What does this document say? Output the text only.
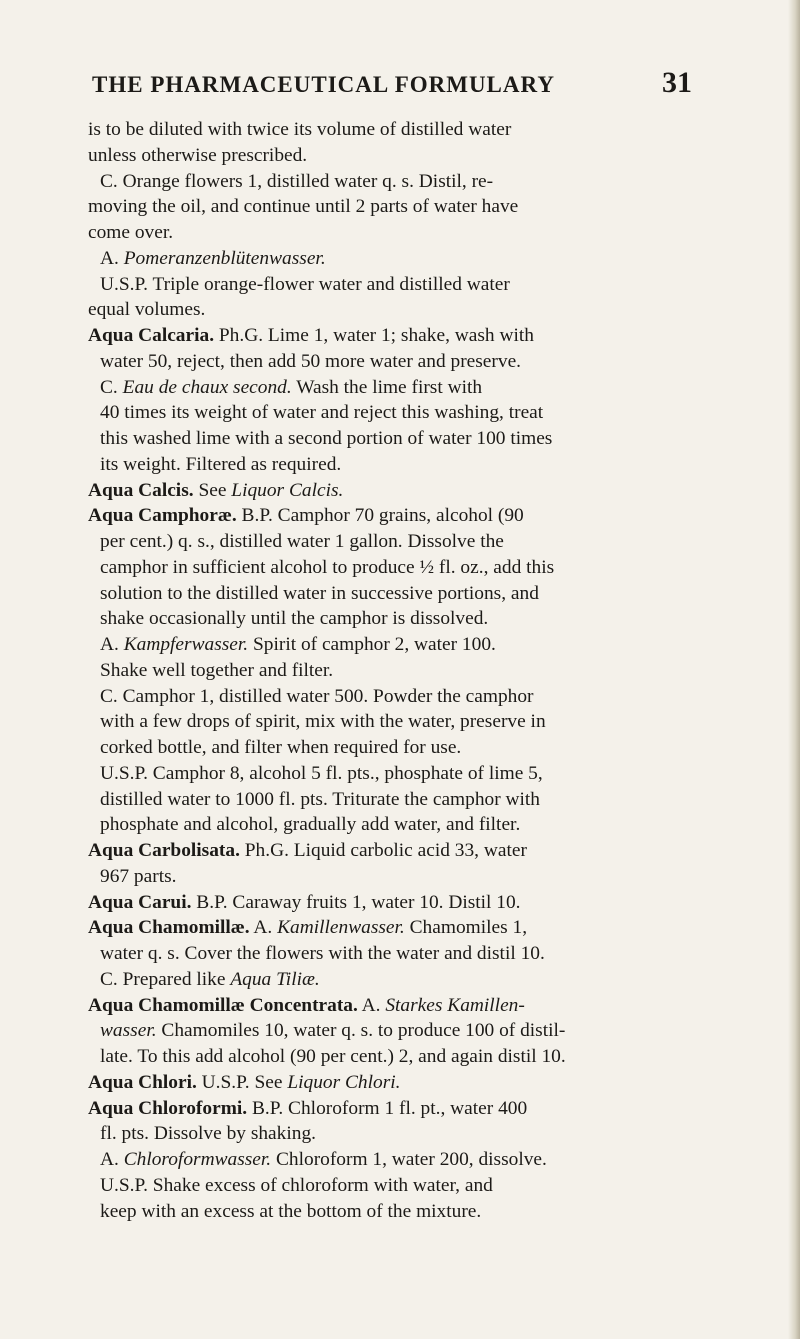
THE PHARMACEUTICAL FORMULARY	31
is to be diluted with twice its volume of distilled water
unless otherwise prescribed.
C. Orange flowers 1, distilled water q. s. Distil, re-
moving the oil, and continue until 2 parts of water have
come over.
A. Pomeranzenblütenwasser.
U.S.P. Triple orange-flower water and distilled water
equal volumes.
Aqua Calcaria. Ph.G. Lime 1, water 1; shake, wash with
water 50, reject, then add 50 more water and preserve.
C. Eau de chaux second. Wash the lime first with
40 times its weight of water and reject this washing, treat
this washed lime with a second portion of water 100 times
its weight. Filtered as required.
Aqua Calcis. See Liquor Calcis.
Aqua Camphoræ. B.P. Camphor 70 grains, alcohol (90
per cent.) q. s., distilled water 1 gallon. Dissolve the
camphor in sufficient alcohol to produce ½ fl. oz., add this
solution to the distilled water in successive portions, and
shake occasionally until the camphor is dissolved.
A. Kampferwasser. Spirit of camphor 2, water 100.
Shake well together and filter.
C. Camphor 1, distilled water 500. Powder the camphor
with a few drops of spirit, mix with the water, preserve in
corked bottle, and filter when required for use.
U.S.P. Camphor 8, alcohol 5 fl. pts., phosphate of lime 5,
distilled water to 1000 fl. pts. Triturate the camphor with
phosphate and alcohol, gradually add water, and filter.
Aqua Carbolisata. Ph.G. Liquid carbolic acid 33, water
967 parts.
Aqua Carui. B.P. Caraway fruits 1, water 10. Distil 10.
Aqua Chamomillæ. A. Kamillenwasser. Chamomiles 1,
water q. s. Cover the flowers with the water and distil 10.
C. Prepared like Aqua Tiliæ.
Aqua Chamomillæ Concentrata. A. Starkes Kamillen-
wasser. Chamomiles 10, water q. s. to produce 100 of distil-
late. To this add alcohol (90 per cent.) 2, and again distil 10.
Aqua Chlori. U.S.P. See Liquor Chlori.
Aqua Chloroformi. B.P. Chloroform 1 fl. pt., water 400
fl. pts. Dissolve by shaking.
A. Chloroformwasser. Chloroform 1, water 200, dissolve.
U.S.P. Shake excess of chloroform with water, and
keep with an excess at the bottom of the mixture.
